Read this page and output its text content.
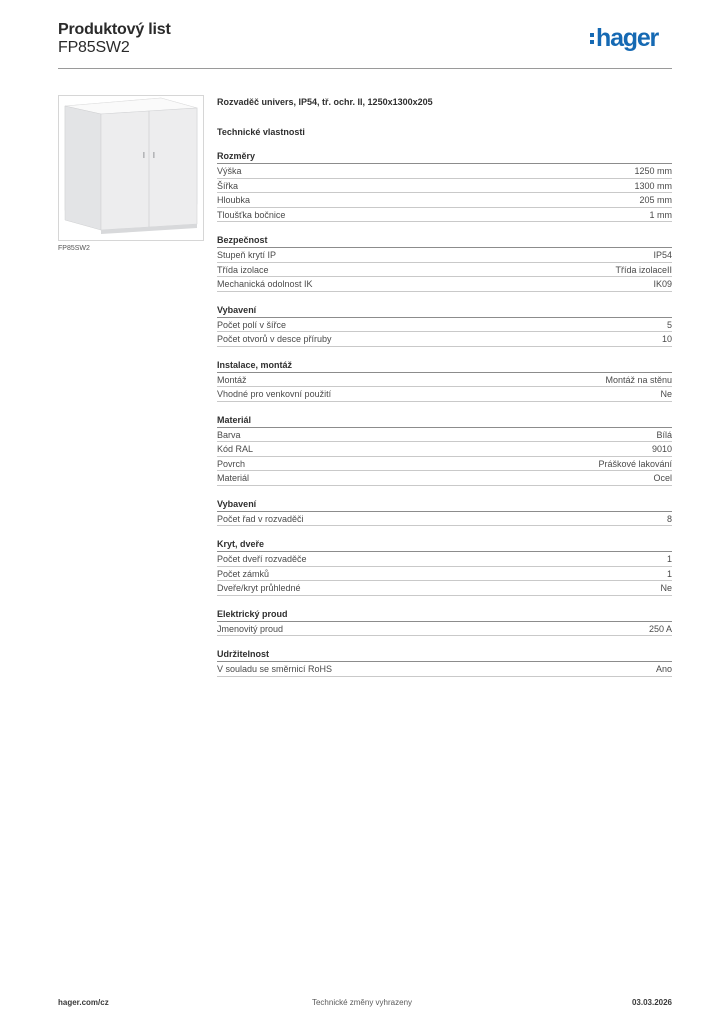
Produktový list
FP85SW2	hager
FP85SW2
Rozvaděč univers, IP54, tř. ochr. II, 1250x1300x205
Technické vlastnosti
Rozměry
Výška	1250 mm
Šířka	1300 mm
Hloubka	205 mm
Tloušťka bočnice	1 mm
Bezpečnost
Stupeň krytí IP	IP54
Třída izolace	Třída izolaceII
Mechanická odolnost IK	IK09
Vybavení
Počet polí v šířce	5
Počet otvorů v desce příruby	10
Instalace, montáž
Montáž	Montáž na stěnu
Vhodné pro venkovní použití	Ne
Materiál
Barva	Bílá
Kód RAL	9010
Povrch	Práškové lakování
Materiál	Ocel
Vybavení
Počet řad v rozvaděči	8
Kryt, dveře
Počet dveří rozvaděče	1
Počet zámků	1
Dveře/kryt průhledné	Ne
Elektrický proud
Jmenovitý proud	250 A
Udržitelnost
V souladu se směrnicí RoHS	Ano
hager.com/cz	Technické změny vyhrazeny	03.03.2026
